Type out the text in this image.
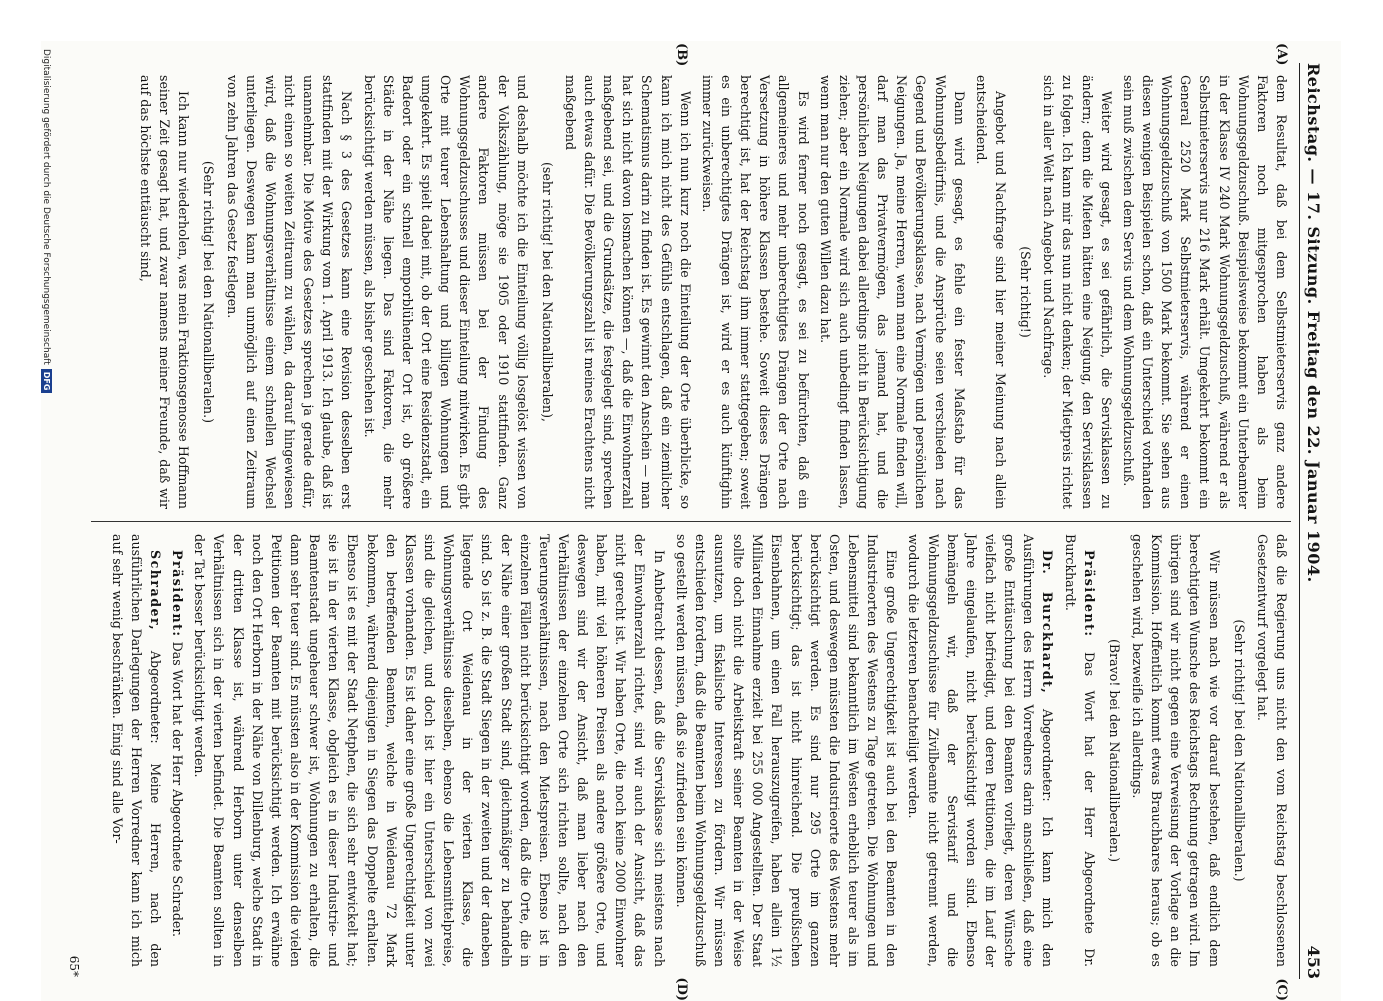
Reichstag. — 17. Sitzung. Freitag den 22. Januar 1904.
453
(A)
(B)

dem Resultat, daß bei dem Selbstmieterservis ganz andere Faktoren noch mitgesprochen haben als beim Wohnungsgeldzuschuß. Beispielsweise bekommt ein Unterbeamter in der Klasse IV 240 Mark Wohnungsgeldzuschuß, während er als Selbstmieterservis nur 216 Mark erhält. Umgekehrt bekommt ein General 2520 Mark Selbstmieterservis, während er einen Wohnungsgeldzuschuß von 1500 Mark bekommt. Sie sehen aus diesen wenigen Beispielen schon, daß ein Unterschied vorhanden sein muß zwischen dem Servis und dem Wohnungsgeldzuschuß.

Weiter wird gesagt, es sei gefährlich, die Servisklassen zu ändern; denn die Mieten hätten eine Neigung, den Servisklassen zu folgen. Ich kann mir das nun nicht denken; der Mietpreis richtet sich in aller Welt nach Angebot und Nachfrage.

(Sehr richtig!)

Angebot und Nachfrage sind hier meiner Meinung nach allein entscheidend.

Dann wird gesagt, es fehle ein fester Maßstab für das Wohnungsbedürfnis, und die Ansprüche seien verschieden nach Gegend und Bevölkerungsklasse, nach Vermögen und persönlichen Neigungen. Ja, meine Herren, wenn man eine Normale finden will, darf man das Privatvermögen, das jemand hat, und die persönlichen Neigungen dabei allerdings nicht in Berücksichtigung ziehen; aber ein Normale wird sich auch unbedingt finden lassen, wenn man nur den guten Willen dazu hat.

Es wird ferner noch gesagt, es sei zu befürchten, daß ein allgemeineres und mehr unberechtigtes Drängen der Orte nach Versetzung in höhere Klassen bestehe. Soweit dieses Drängen berechtigt ist, hat der Reichstag ihm immer stattgegeben; soweit es ein unberechtigtes Drängen ist, wird er es auch künftighin immer zurückweisen.

Wenn ich nun kurz noch die Einteilung der Orte überblicke, so kann ich mich nicht des Gefühls entschlagen, daß ein ziemlicher Schematismus darin zu finden ist. Es gewinnt den Anschein — man hat sich nicht davon losmachen können —, daß die Einwohnerzahl maßgebend sei, und die Grundsätze, die festgelegt sind, sprechen auch etwas dafür. Die Bevölkerungszahl ist meines Erachtens nicht maßgebend

(sehr richtig! bei den Nationalliberalen),

und deshalb möchte ich die Einteilung völlig losgelöst wissen von der Volkszählung, möge sie 1905 oder 1910 stattfinden. Ganz andere Faktoren müssen bei der Findung des Wohnungsgeldzuschusses und dieser Einteilung mitwirken. Es gibt Orte mit teurer Lebenshaltung und billigen Wohnungen und umgekehrt. Es spielt dabei mit, ob der Ort eine Residenzstadt, ein Badeort oder ein schnell emporblühender Ort ist, ob größere Städte in der Nähe liegen. Das sind Faktoren, die mehr berücksichtigt werden müssen, als bisher geschehen ist.

Nach § 3 des Gesetzes kann eine Revision desselben erst stattfinden mit der Wirkung vom 1. April 1913. Ich glaube, daß ist unannehmbar. Die Motive des Gesetzes sprechen ja gerade dafür, nicht einen so weiten Zeitraum zu wählen, da darauf hingewiesen wird, daß die Wohnungsverhältnisse einem schnellen Wechsel unterliegen. Deswegen kann man unmöglich auf einen Zeitraum von zehn Jahren das Gesetz festlegen.

(Sehr richtig! bei den Nationalliberalen.)

Ich kann nur wiederholen, was mein Fraktionsgenosse Hoffmann seiner Zeit gesagt hat, und zwar namens meiner Freunde, daß wir auf das höchste enttäuscht sind,

(C)
(D)

daß die Regierung uns nicht den vom Reichstag beschlossenen Gesetzentwurf vorgelegt hat.

(Sehr richtig! bei den Nationalliberalen.)

Wir müssen nach wie vor darauf bestehen, daß endlich dem berechtigten Wunsche des Reichstags Rechnung getragen wird. Im übrigen sind wir nicht gegen eine Verweisung der Vorlage an die Kommission. Hoffentlich kommt etwas Brauchbares heraus; ob es geschehen wird, bezweifle ich allerdings.

(Bravo! bei den Nationalliberalen.)

Präsident: Das Wort hat der Herr Abgeordnete Dr. Burckhardt.

Dr. Burckhardt, Abgeordneter: Ich kann mich den Ausführungen des Herrn Vorredners darin anschließen, daß eine große Enttäuschung bei den Beamten vorliegt, deren Wünsche vielfach nicht befriedigt, und deren Petitionen, die im Lauf der Jahre eingelaufen, nicht berücksichtigt worden sind. Ebenso bemängeln wir, daß der Servistarif und die Wohnungsgeldzuschüsse für Zivilbeamte nicht getrennt werden, wodurch die letzteren benachteiligt werden.

Eine große Ungerechtigkeit ist auch bei den Beamten in den Industrieorten des Westens zu Tage getreten. Die Wohnungen und Lebensmittel sind bekanntlich im Westen erheblich teurer als im Osten, und deswegen müssten die Industrieorte des Westens mehr berücksichtigt werden. Es sind nur 295 Orte im ganzen berücksichtigt; das ist nicht hinreichend. Die preußischen Eisenbahnen, um einen Fall herauszugreifen, haben allein 1½ Milliarden Einnahme erzielt bei 255 000 Angestellten. Der Staat sollte doch nicht die Arbeitskraft seiner Beamten in der Weise ausnutzen, um fiskalische Interessen zu fördern. Wir müssen entschieden fordern, daß die Beamten beim Wohnungsgeldzuschuß so gestellt werden müssen, daß sie zufrieden sein können.

In Anbetracht dessen, daß die Servisklasse sich meistens nach der Einwohnerzahl richtet, sind wir auch der Ansicht, daß das nicht gerecht ist. Wir haben Orte, die noch keine 2000 Einwohner haben, mit viel höheren Preisen als andere größere Orte, und deswegen sind wir der Ansicht, daß man lieber nach den Verhältnissen der einzelnen Orte sich richten sollte, nach den Teuerungsverhältnissen, nach den Mietspreisen. Ebenso ist in einzelnen Fällen nicht berücksichtigt worden, daß die Orte, die in der Nähe einer großen Stadt sind, gleichmäßiger zu behandeln sind. So ist z. B. die Stadt Siegen in der zweiten und der daneben liegende Ort Weidenau in der vierten Klasse, die Wohnungsverhältnisse dieselben, ebenso die Lebensmittelpreise, sind die gleichen, und doch ist hier ein Unterschied von zwei Klassen vorhanden. Es ist daher eine große Ungerechtigkeit unter den betreffenden Beamten, welche in Weidenau 72 Mark bekommen, während diejenigen in Siegen das Doppelte erhalten. Ebenso ist es mit der Stadt Netphen, die sich sehr entwickelt hat; sie ist in der vierten Klasse, obgleich es in dieser Industrie- und Beamtenstadt ungeheuer schwer ist, Wohnungen zu erhalten, die dann sehr teuer sind. Es müssten also in der Kommission die vielen Petitionen der Beamten mit berücksichtigt werden. Ich erwähne noch den Ort Herborn in der Nähe von Dillenburg, welche Stadt in der dritten Klasse ist, während Herborn unter denselben Verhältnissen sich in der vierten befindet. Die Beamten sollten in der Tat besser berücksichtigt werden.

Präsident: Das Wort hat der Herr Abgeordnete Schrader.

Schrader, Abgeordneter: Meine Herren, nach den ausführlichen Darlegungen der Herren Vorredner kann ich mich auf sehr wenig beschränken. Einig sind alle Vor-

65*
Digitalisierung gefördert durch die Deutsche Forschungsgemeinschaft
DFG
